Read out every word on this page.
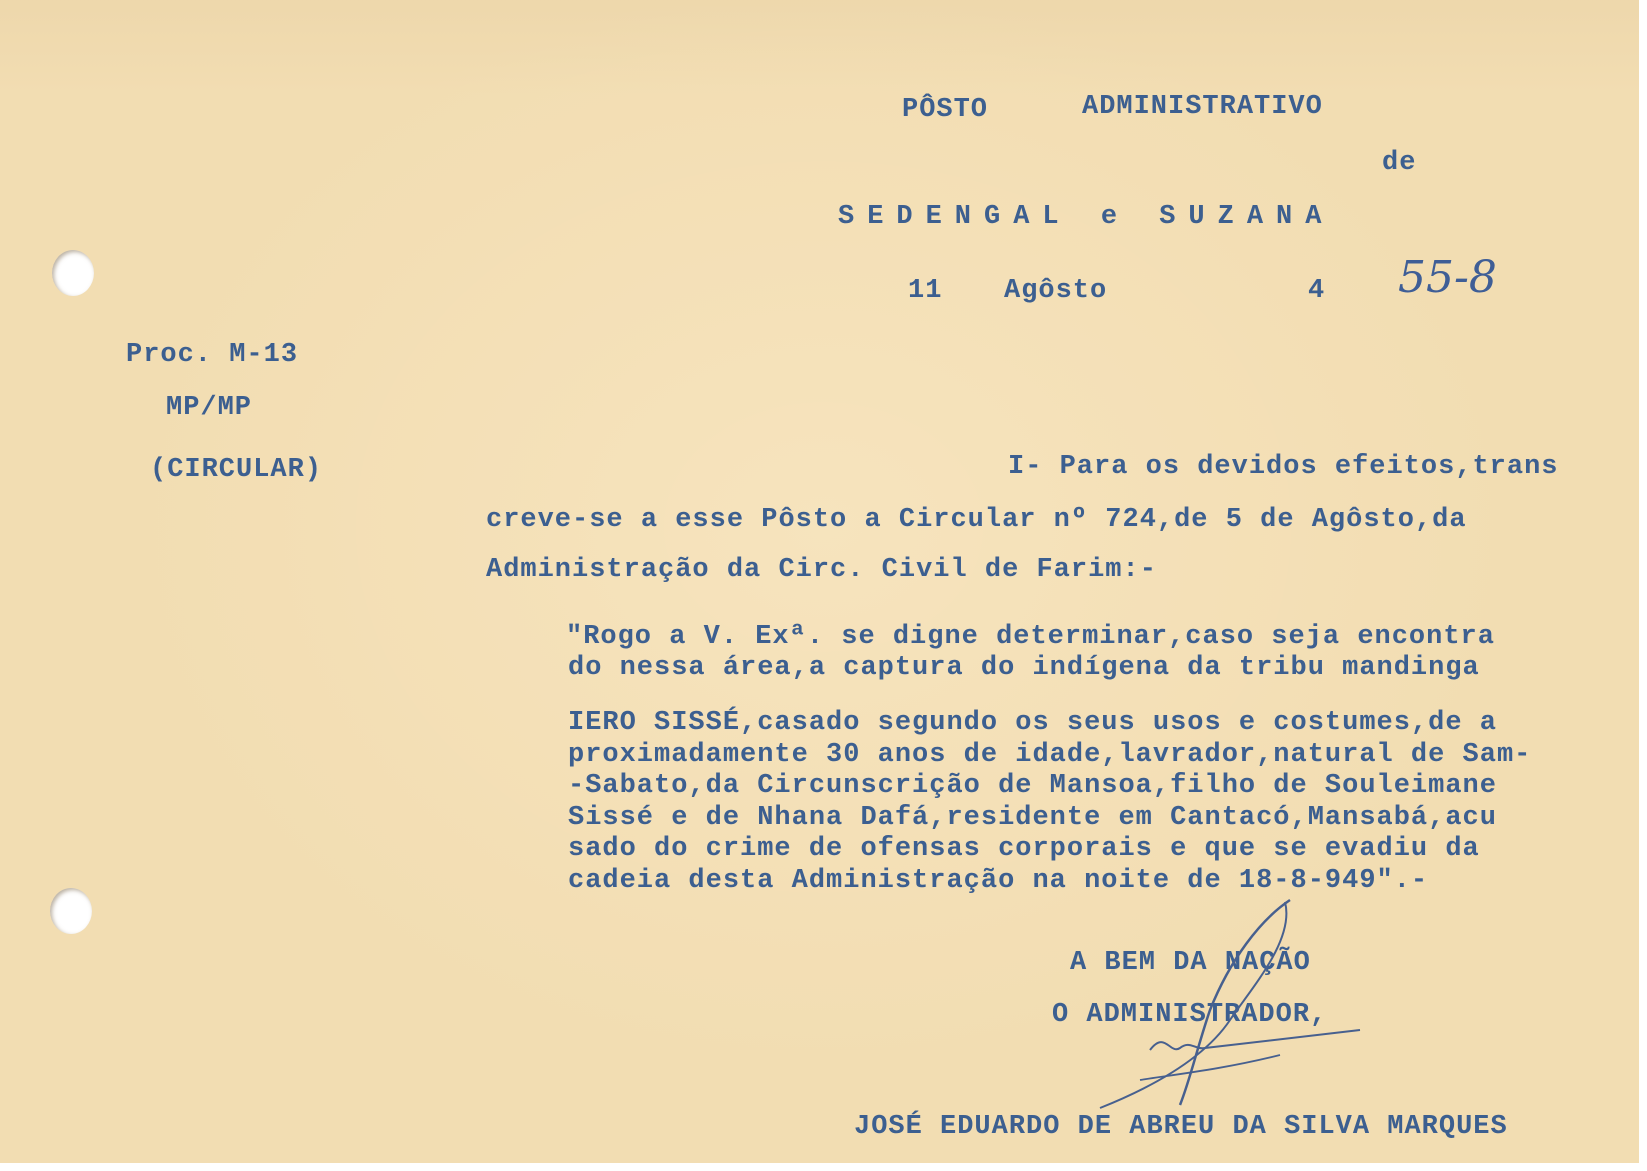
PÔSTO	ADMINISTRATIVO

de

SEDENGAL e SUZANA

11 Agôsto	4 55-8

Proc. M-13

MP/MP

(CIRCULAR)	I- Para os devidos efeitos,trans

creve-se a esse Pôsto a Circular nº 724,de 5 de Agôsto,da

Administração da Circ. Civil de Farim:-

"Rogo a V. Exª. se digne determinar,caso seja encontra

do nessa área,a captura do indígena da tribu mandinga

IERO SISSÉ,casado segundo os seus usos e costumes,de a

proximadamente 30 anos de idade,lavrador,natural de Sam-

-Sabato,da Circunscrição de Mansoa,filho de Souleimane

Sissé e de Nhana Dafá,residente em Cantacó,Mansabá,acu

sado do crime de ofensas corporais e que se evadiu da

cadeia desta Administração na noite de 18-8-949".-

A BEM DA NAÇÃO

O ADMINISTRADOR,

JOSÉ EDUARDO DE ABREU DA SILVA MARQUES
